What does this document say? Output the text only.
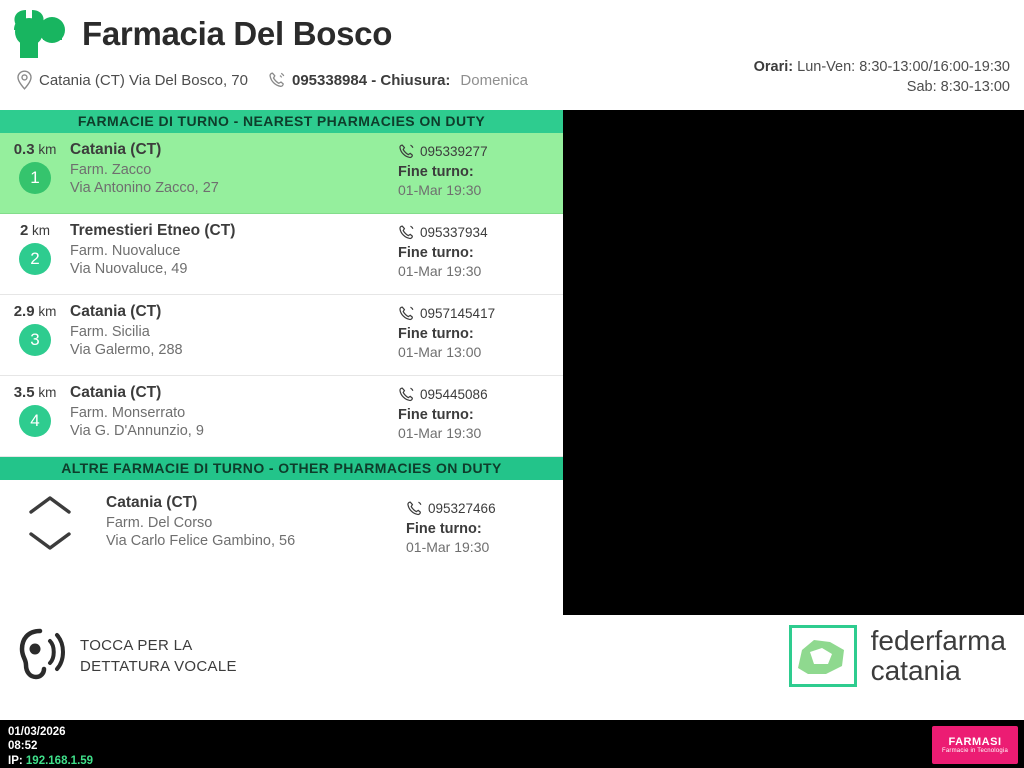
Farmacia Del Bosco
Catania (CT) Via Del Bosco, 70	095338984 - Chiusura: Domenica
Orari: Lun-Ven: 8:30-13:00/16:00-19:30
Sab: 8:30-13:00
FARMACIE DI TURNO - NEAREST PHARMACIES ON DUTY
0.3 km
1
Catania (CT)
Farm. Zacco
Via Antonino Zacco, 27
095339277
Fine turno:
01-Mar 19:30
2 km
2
Tremestieri Etneo (CT)
Farm. Nuovaluce
Via Nuovaluce, 49
095337934
Fine turno:
01-Mar 19:30
2.9 km
3
Catania (CT)
Farm. Sicilia
Via Galermo, 288
0957145417
Fine turno:
01-Mar 13:00
3.5 km
4
Catania (CT)
Farm. Monserrato
Via G. D'Annunzio, 9
095445086
Fine turno:
01-Mar 19:30
ALTRE FARMACIE DI TURNO - OTHER PHARMACIES ON DUTY
Catania (CT)
Farm. Del Corso
Via Carlo Felice Gambino, 56
095327466
Fine turno:
01-Mar 19:30
TOCCA PER LA
DETTATURA VOCALE
federfarma
catania
01/03/2026
08:52
IP: 192.168.1.59
FARMASI
Farmacie in Tecnologia
